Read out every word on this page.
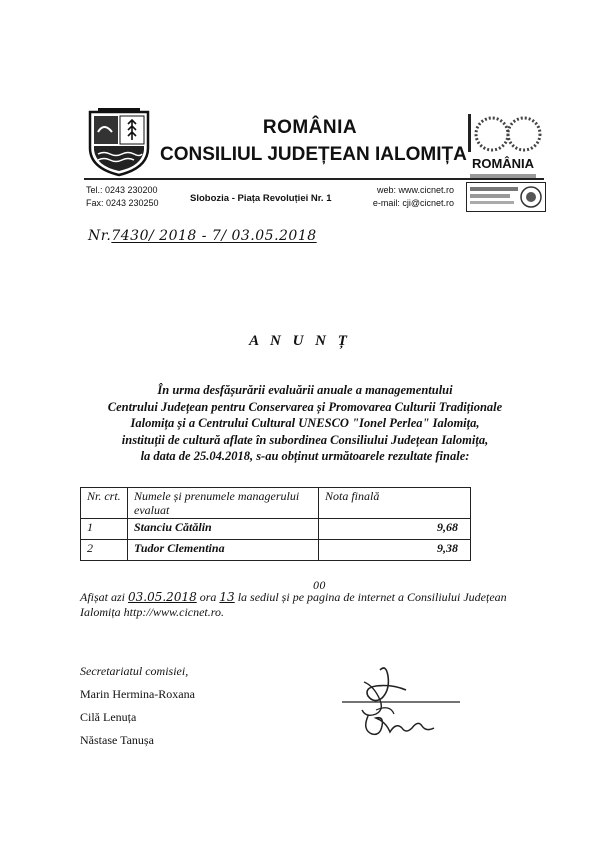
ROMÂNIA
CONSILIUL JUDEȚEAN IALOMIȚA ROMÂNIA
Tel.: 0243 230200
Fax: 0243 230250	Slobozia - Piața Revoluției Nr. 1
web: www.cicnet.ro
e-mail: cji@cicnet.ro
Nr.7430/ 2018 - 7/ 03.05.2018
A N U N Ț
În urma desfășurării evaluării anuale a managementului
Centrului Județean pentru Conservarea și Promovarea Culturii Tradiționale
Ialomița și a Centrului Cultural UNESCO "Ionel Perlea" Ialomița,
instituții de cultură aflate în subordinea Consiliului Județean Ialomița,
la data de 25.04.2018, s-au obținut următoarele rezultate finale:
Nr. crt.	Numele și prenumele managerului evaluat	Nota finală
1	Stanciu Cătălin	9,68
2	Tudor Clementina	9,38
00
Afișat azi 03.05.2018 ora 13 la sediul și pe pagina de internet a Consiliului Județean
Ialomița http://www.cicnet.ro.
Secretariatul comisiei,
Marin Hermina-Roxana
Cilă Lenuța
Năstase Tanușa
